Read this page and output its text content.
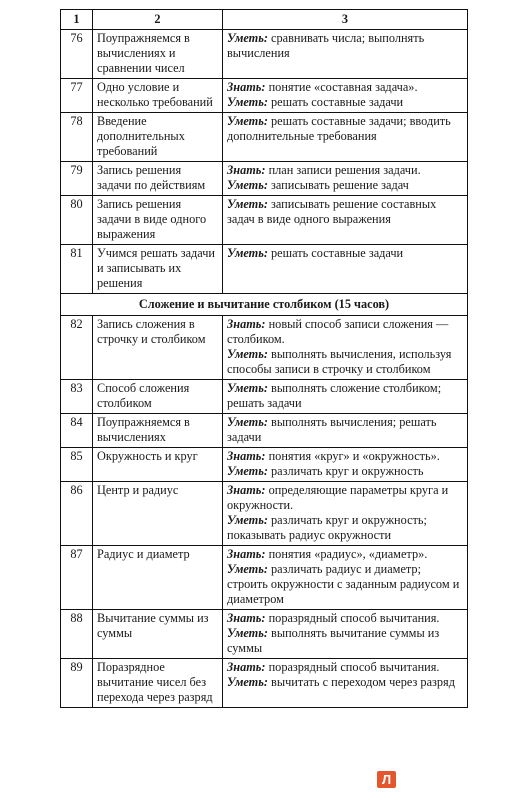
1	2	3
76	Поупражняемся в вычислениях и сравнении чисел	Уметь: сравнивать числа; выполнять вычисления

77	Одно условие и несколько требований	Знать: понятие «составная задача».
Уметь: решать составные задачи

78	Введение дополнительных требований	Уметь: решать составные задачи; вводить дополнительные требования

79	Запись решения задачи по действиям	Знать: план записи решения задачи.
Уметь: записывать решение задач

80	Запись решения задачи в виде одного выражения	Уметь: записывать решение составных задач в виде одного выражения

81	Учимся решать задачи и записывать их решения	Уметь: решать составные задачи

Сложение и вычитание столбиком (15 часов)		
82	Запись сложения в строчку и столбиком	Знать: новый способ записи сложения — столбиком.
Уметь: выполнять вычисления, используя способы записи в строчку и столбиком

83	Способ сложения столбиком	Уметь: выполнять сложение столбиком; решать задачи

84	Поупражняемся в вычислениях	Уметь: выполнять вычисления; решать задачи

85	Окружность и круг	Знать: понятия «круг» и «окружность».
Уметь: различать круг и окружность

86	Центр и радиус	Знать: определяющие параметры круга и окружности.
Уметь: различать круг и окружность; показывать радиус окружности

87	Радиус и диаметр	Знать: понятия «радиус», «диаметр».
Уметь: различать радиус и диаметр; строить окружности с заданным радиусом и диаметром

88	Вычитание суммы из суммы	Знать: поразрядный способ вычитания.
Уметь: выполнять вычитание суммы из суммы

89	Поразрядное вычитание чисел без перехода через разряд	Знать: поразрядный способ вычитания.
Уметь: вычитать с переходом через разряд
Л
